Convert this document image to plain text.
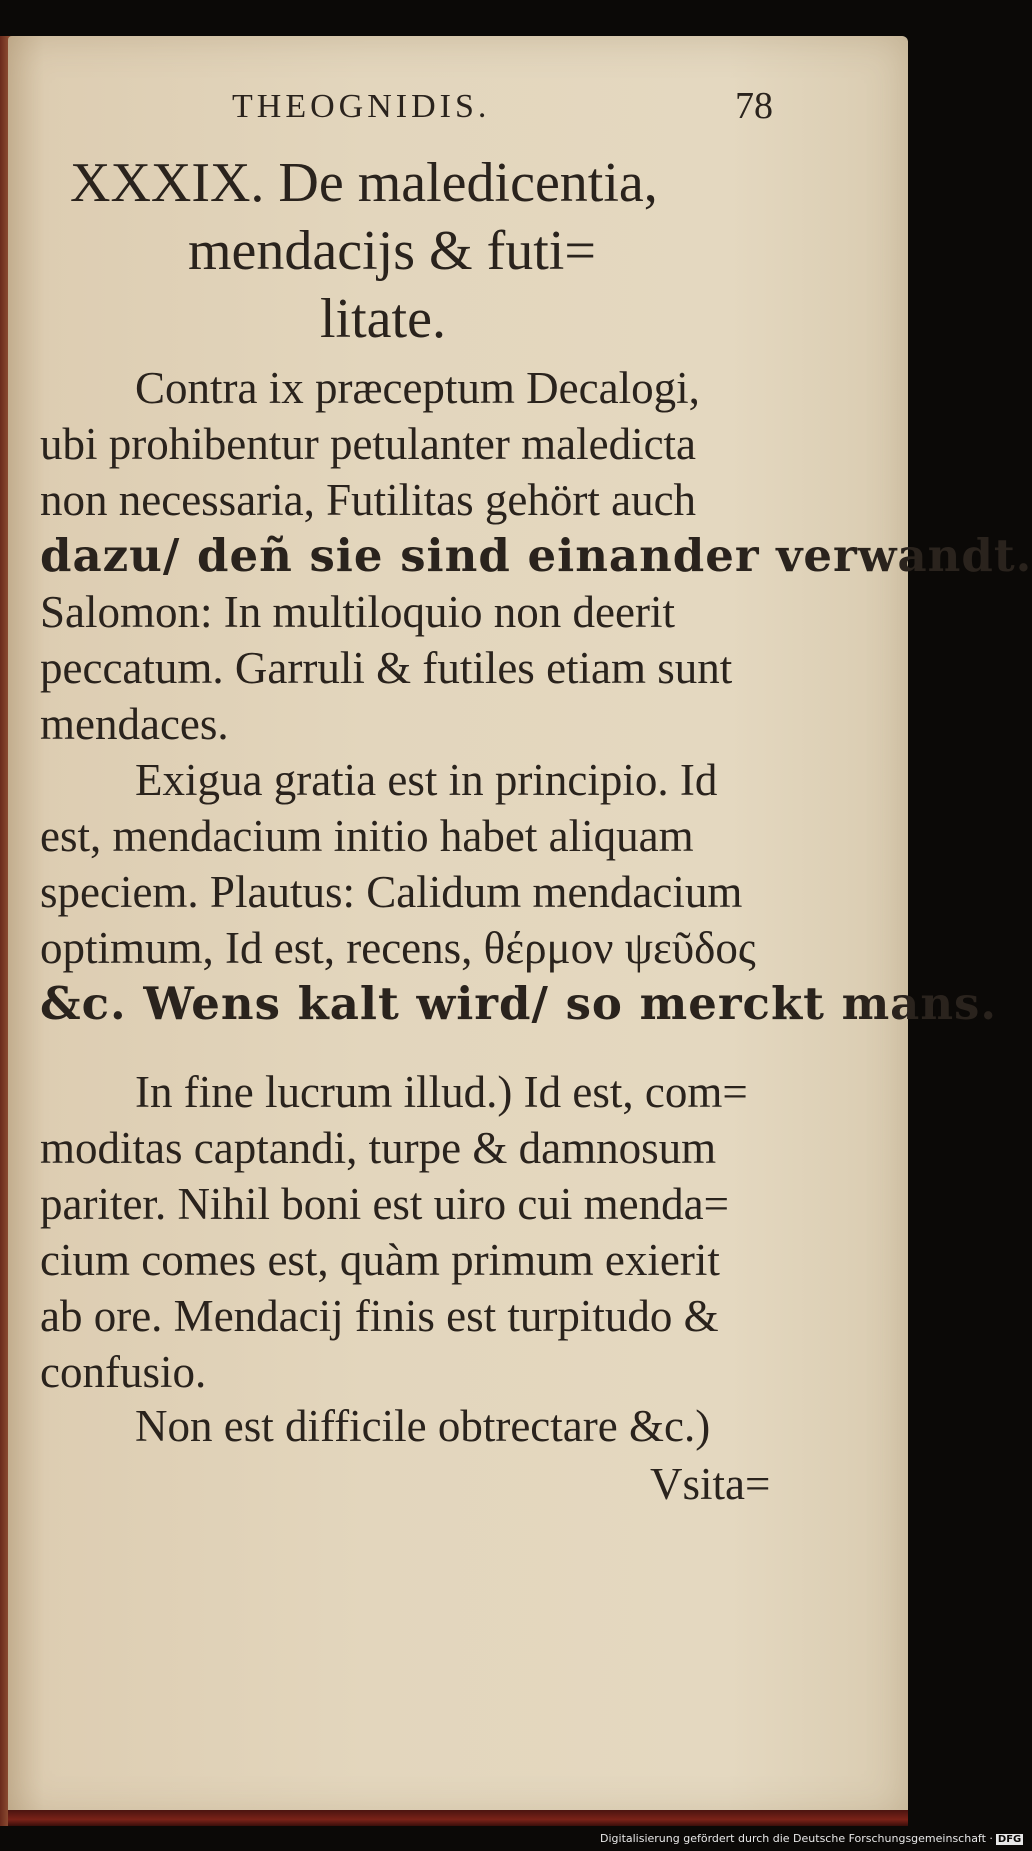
THEOGNIDIS.	78
XXXIX. De maledicentia,
mendaciјs & futi=
litate.
Contra ix præceptum Decalogi,
ubi prohibentur petulanter maledicta
non necessaria, Futilitas gehört auch
dazu/ deñ sie sind einander verwandt.
Salomon: In multiloquio non deerit
peccatum. Garruli & futiles etiam sunt
mendaces.
Exigua gratia est in principio. Id
est, mendacium initio habet aliquam
speciem. Plautus: Calidum mendacium
optimum, Id est, recens, θέρμον ψεῦδος
&c. Wens kalt wird/ so merckt mans.
In fine lucrum illud.) Id est, com=
moditas captandi, turpe & damnosum
pariter. Nihil boni est uiro cui menda=
cium comes est, quàm primum exierit
ab ore. Mendaciј finis est turpitudo &
confusio.
Non est difficile obtrectare &c.)
Vsita=
Digitalisierung gefördert durch die Deutsche Forschungsgemeinschaft · DFG
